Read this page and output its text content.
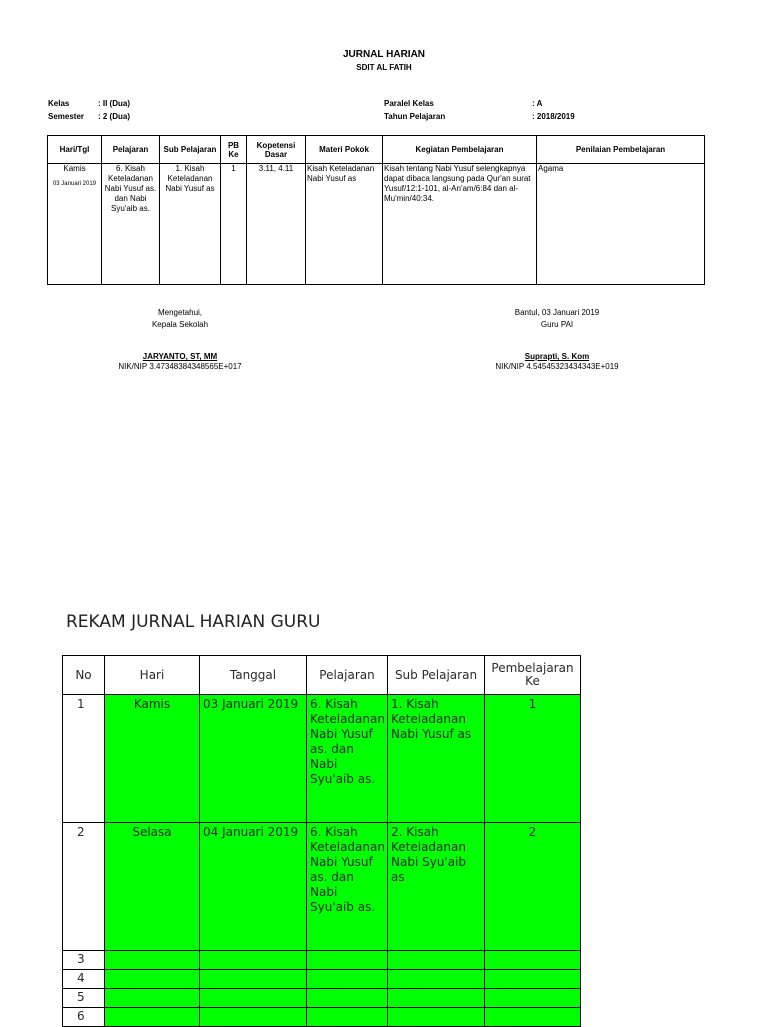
JURNAL HARIAN
SDIT AL FATIH
Kelas	: II (Dua)
Semester : 2 (Dua)
Paralel Kelas	: A
Tahun Pelajaran	: 2018/2019
Hari/Tgl	Pelajaran	Sub Pelajaran	PB Ke	Kopetensi Dasar	Materi Pokok	Kegiatan Pembelajaran	Penilaian Pembelajaran
Kamis
03 Januari 2019	6. Kisah Keteladanan Nabi Yusuf as. dan Nabi Syu'aib as.	1. Kisah Keteladanan Nabi Yusuf as	1	3.11, 4.11	Kisah Keteladanan Nabi Yusuf as	Kisah tentang Nabi Yusuf selengkapnya dapat dibaca langsung pada Qur'an surat Yusuf/12:1-101, al-An'am/6:84 dan al-Mu'min/40:34.	Agama
Mengetahui,
Kepala Sekolah
JARYANTO, ST, MM
NIK/NIP 3.47348384348565E+017
Bantul, 03 Januari 2019
Guru PAI
Suprapti, S. Kom
NIK/NIP 4.54545323434343E+019
REKAM JURNAL HARIAN GURU
No	Hari	Tanggal	Pelajaran	Sub Pelajaran	Pembelajaran Ke
1	Kamis	03 Januari 2019	6. Kisah Keteladanan Nabi Yusuf as. dan Nabi Syu'aib as.	1. Kisah Keteladanan Nabi Yusuf as	1
2	Selasa	04 Januari 2019	6. Kisah Keteladanan Nabi Yusuf as. dan Nabi Syu'aib as.	2. Kisah Keteladanan Nabi Syu'aib as	2
3					
4					
5					
6					
